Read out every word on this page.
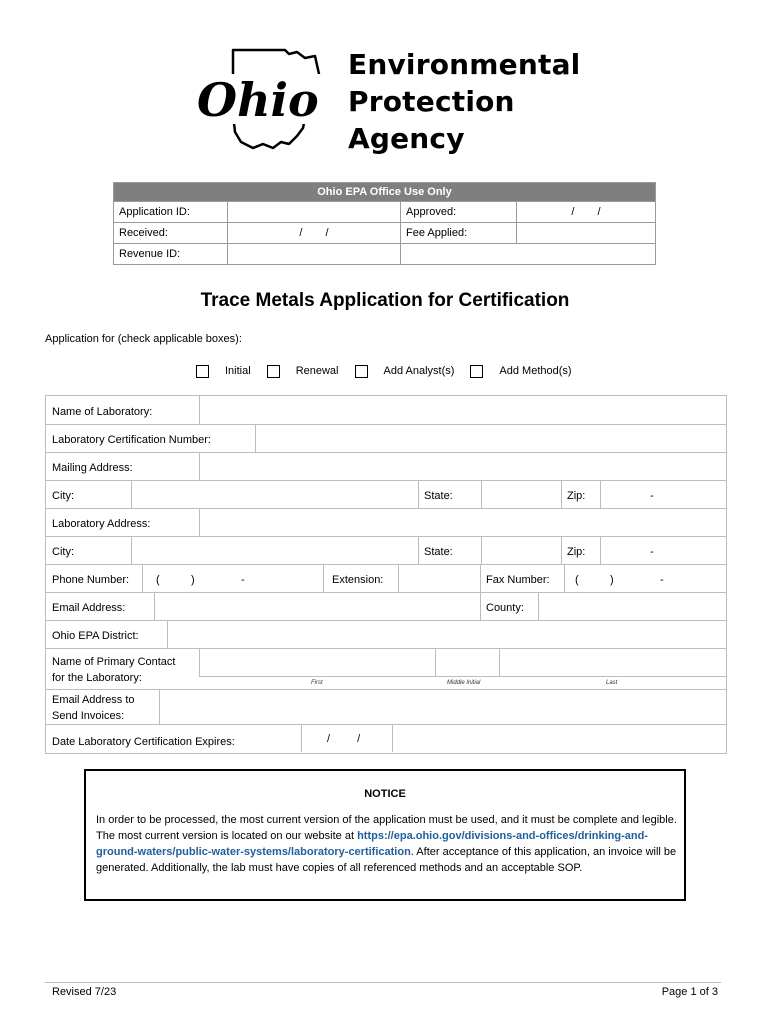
Ohio
Environmental
Protection
Agency
Ohio EPA Office Use Only			
Application ID:		Approved:	/ /
Received:	/ /	Fee Applied:	
Revenue ID:			
Trace Metals Application for Certification
Application for (check applicable boxes):
Initial	Renewal	Add Analyst(s)	Add Method(s)
Name of Laboratory:
Laboratory Certification Number:
Mailing Address:
City:	State:	Zip:	-
Laboratory Address:
City:	State:	Zip:	-
Phone Number: (	)	-	Extension:	Fax Number: (	)	-
Email Address:	County:
Ohio EPA District:
Name of Primary Contact
for the Laboratory:	First	Middle Initial	Last
Email Address to
Send Invoices:
Date Laboratory Certification Expires:	/ /
NOTICE
In order to be processed, the most current version of the application must be used, and it must be complete and legible. The most current version is located on our website at https://epa.ohio.gov/divisions-and-offices/drinking-and-ground-waters/public-water-systems/laboratory-certification. After acceptance of this application, an invoice will be generated. Additionally, the lab must have copies of all referenced methods and an acceptable SOP.
Revised 7/23	Page 1 of 3
